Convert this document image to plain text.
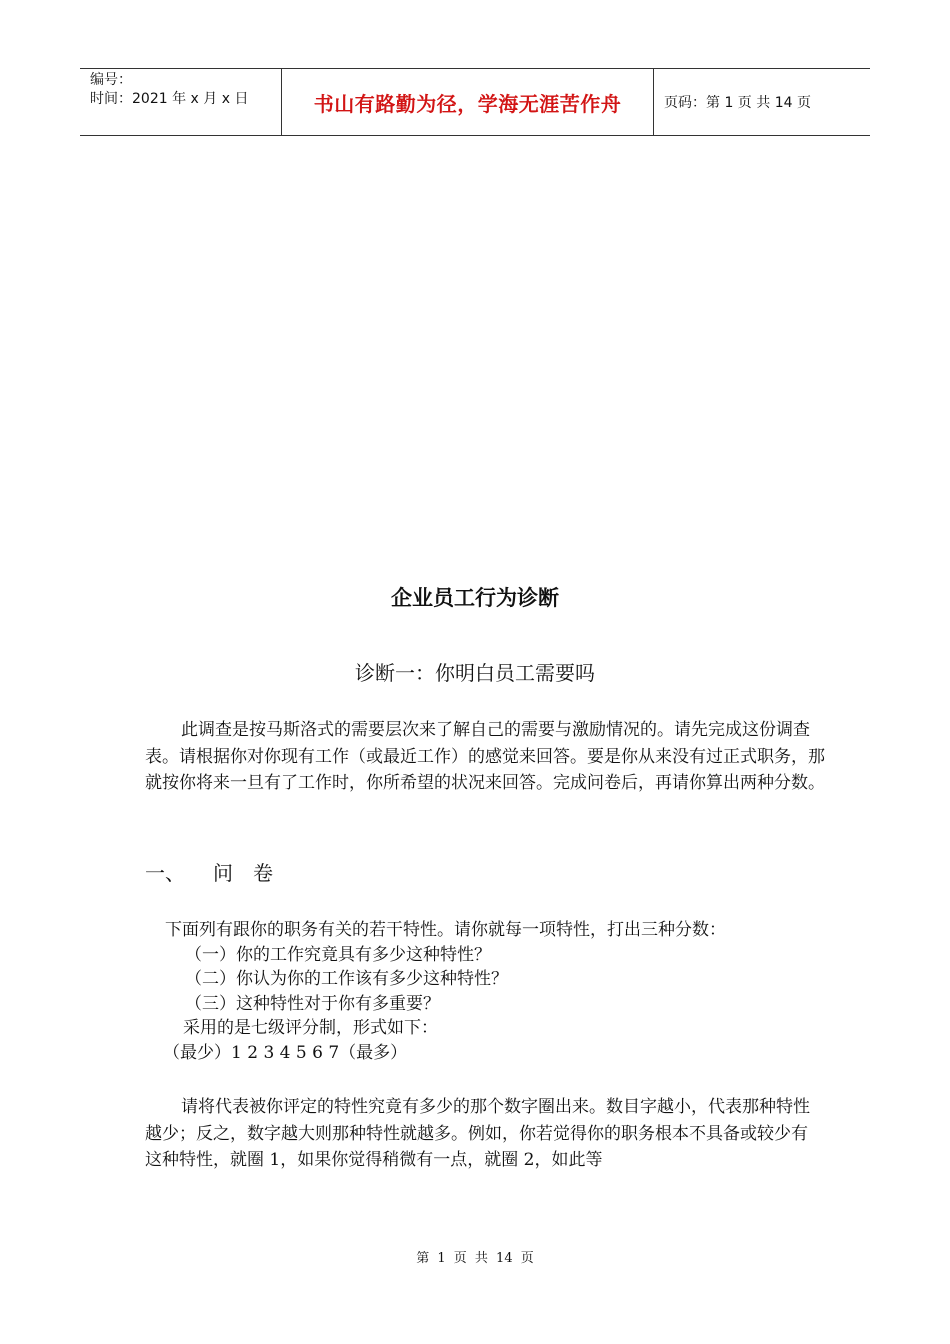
编号：
时间：2021 年 x 月 x 日	书山有路勤为径，学海无涯苦作舟	页码：第 1 页 共 14 页
企业员工行为诊断
诊断一：你明白员工需要吗

此调查是按马斯洛式的需要层次来了解自己的需要与激励情况的。请先完成这份调查表。请根据你对你现有工作（或最近工作）的感觉来回答。要是你从来没有过正式职务，那就按你将来一旦有了工作时，你所希望的状况来回答。完成问卷后，再请你算出两种分数。

一、	问卷
下面列有跟你的职务有关的若干特性。请你就每一项特性，打出三种分数：
（一）你的工作究竟具有多少这种特性？
（二）你认为你的工作该有多少这种特性？
（三）这种特性对于你有多重要？
采用的是七级评分制，形式如下：
（最少）1 2 3 4 5 6 7（最多）

请将代表被你评定的特性究竟有多少的那个数字圈出来。数目字越小，代表那种特性越少；反之，数字越大则那种特性就越多。例如，你若觉得你的职务根本不具备或较少有这种特性，就圈 1，如果你觉得稍微有一点，就圈 2，如此等

第 1 页 共 14 页
